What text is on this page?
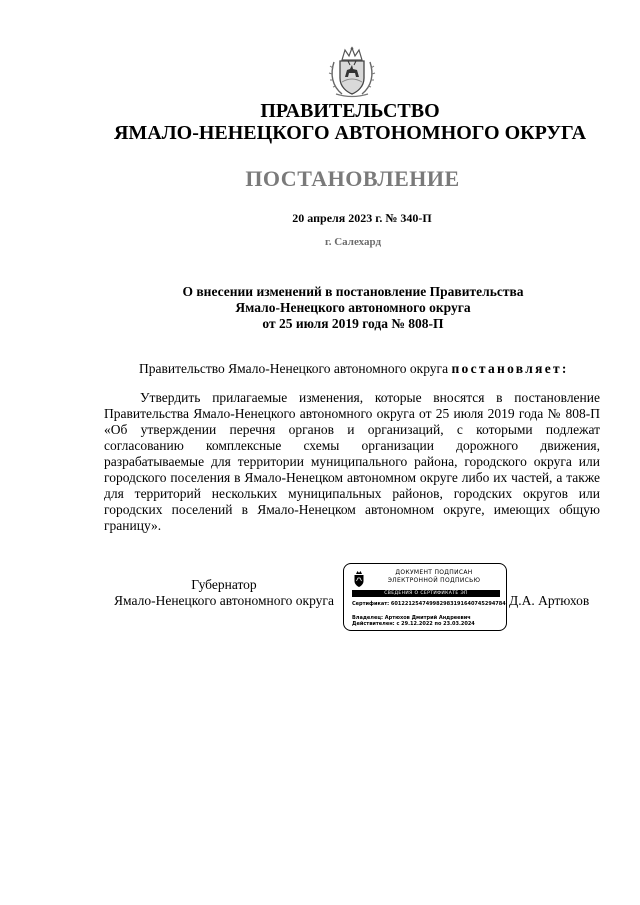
ПРАВИТЕЛЬСТВО
ЯМАЛО-НЕНЕЦКОГО АВТОНОМНОГО ОКРУГА
ПОСТАНОВЛЕНИЕ
20 апреля 2023 г. № 340-П
г. Салехард
О внесении изменений в постановление Правительства
Ямало-Ненецкого автономного округа
от 25 июля 2019 года № 808-П
Правительство Ямало-Ненецкого автономного округа постановляет:

Утвердить прилагаемые изменения, которые вносятся в постановление Правительства Ямало-Ненецкого автономного округа от 25 июля 2019 года № 808-П «Об утверждении перечня органов и организаций, с которыми подлежат согласованию комплексные схемы организации дорожного движения, разрабатываемые для территории муниципального района, городского округа или городского поселения в Ямало-Ненецком автономном округе либо их частей, а также для территорий нескольких муниципальных районов, городских округов или городских поселений в Ямало-Ненецком автономном округе, имеющих общую границу».

Губернатор
Ямало-Ненецкого автономного округа
ДОКУМЕНТ ПОДПИСАН
ЭЛЕКТРОННОЙ ПОДПИСЬЮ
СВЕДЕНИЯ О СЕРТИФИКАТЕ ЭП
Сертификат: 601221254749982983191640745294784
Владелец: Артюхов Дмитрий Андреевич
Действителен: с 29.12.2022 по 23.03.2024
Д.А. Артюхов
